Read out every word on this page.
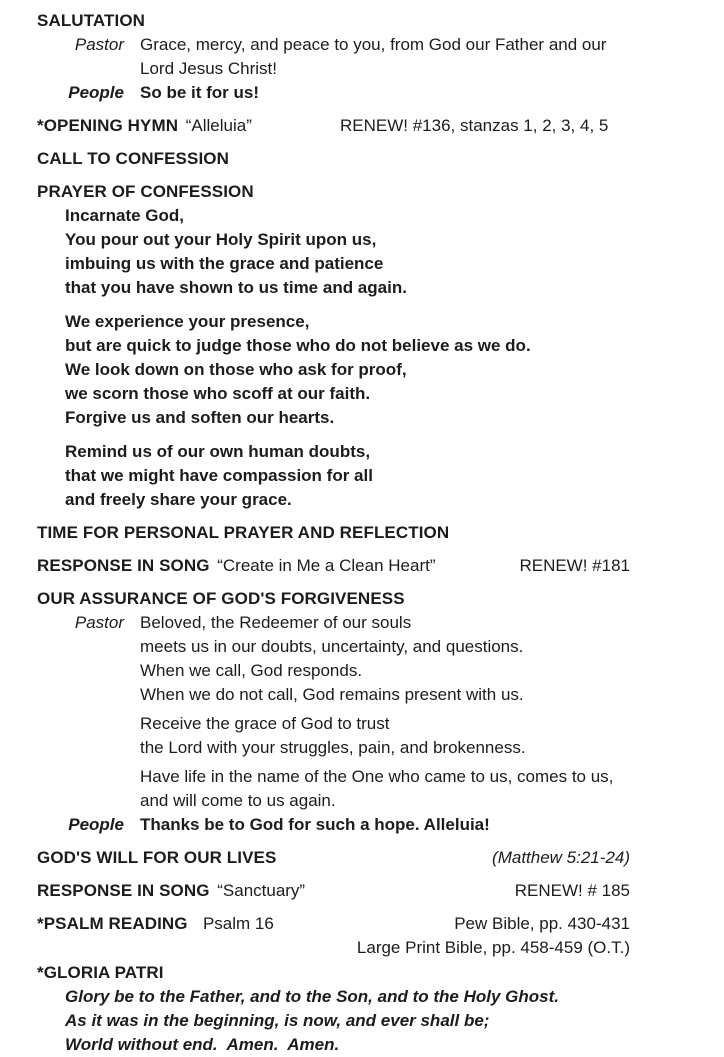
SALUTATION
Pastor Grace, mercy, and peace to you, from God our Father and our
Lord Jesus Christ!
People So be it for us!
*OPENING HYMN “Alleluia”	RENEW! #136, stanzas 1, 2, 3, 4, 5
CALL TO CONFESSION
PRAYER OF CONFESSION

Incarnate God,
You pour out your Holy Spirit upon us,
imbuing us with the grace and patience
that you have shown to us time and again.

We experience your presence,
but are quick to judge those who do not believe as we do.
We look down on those who ask for proof,
we scorn those who scoff at our faith.
Forgive us and soften our hearts.

Remind us of our own human doubts,
that we might have compassion for all
and freely share your grace.

TIME FOR PERSONAL PRAYER AND REFLECTION
RESPONSE IN SONG “Create in Me a Clean Heart”	RENEW! #181
OUR ASSURANCE OF GOD'S FORGIVENESS
Pastor Beloved, the Redeemer of our souls
meets us in our doubts, uncertainty, and questions.

When we call, God responds.
When we do not call, God remains present with us.

Receive the grace of God to trust
the Lord with your struggles, pain, and brokenness.

Have life in the name of the One who came to us, comes to us,
and will come to us again.

People Thanks be to God for such a hope. Alleluia!
GOD'S WILL FOR OUR LIVES	(Matthew 5:21-24)
RESPONSE IN SONG “Sanctuary”	RENEW! # 185
*PSALM READING Psalm 16	Pew Bible, pp. 430-431
Large Print Bible, pp. 458-459 (O.T.)
*GLORIA PATRI
Glory be to the Father, and to the Son, and to the Holy Ghost.
As it was in the beginning, is now, and ever shall be;
World without end.  Amen.  Amen.
